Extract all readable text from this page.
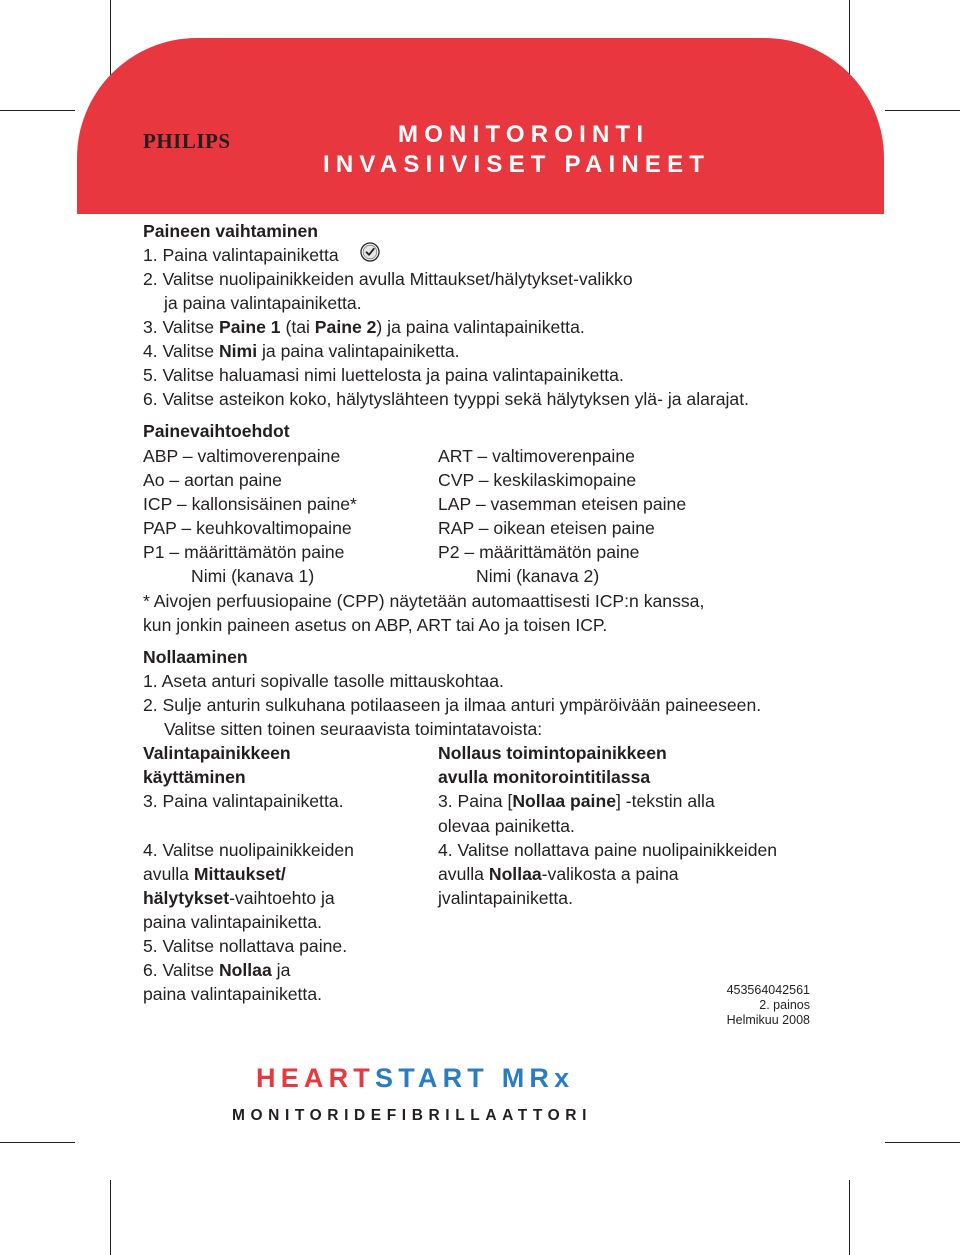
PHILIPS	MONITOROINTI
INVASIIVISET PAINEET
Paineen vaihtaminen
1. Paina valintapainiketta
2. Valitse nuolipainikkeiden avulla Mittaukset/hälytykset-valikko
ja paina valintapainiketta.
3. Valitse Paine 1 (tai Paine 2) ja paina valintapainiketta.
4. Valitse Nimi ja paina valintapainiketta.
5. Valitse haluamasi nimi luettelosta ja paina valintapainiketta.
6. Valitse asteikon koko, hälytyslähteen tyyppi sekä hälytyksen ylä- ja alarajat.
Painevaihtoehdot
ABP – valtimoverenpaine
Ao – aortan paine
ICP – kallonsisäinen paine*
PAP – keuhkovaltimopaine
P1 – määrittämätön paine
ART – valtimoverenpaine
CVP – keskilaskimopaine
LAP – vasemman eteisen paine
RAP – oikean eteisen paine
P2 – määrittämätön paine
Nimi (kanava 1)	Nimi (kanava 2)
* Aivojen perfuusiopaine (CPP) näytetään automaattisesti ICP:n kanssa,
kun jonkin paineen asetus on ABP, ART tai Ao ja toisen ICP.
Nollaaminen
1. Aseta anturi sopivalle tasolle mittauskohtaa.
2. Sulje anturin sulkuhana potilaaseen ja ilmaa anturi ympäröivään paineeseen.
Valitse sitten toinen seuraavista toimintatavoista:
Valintapainikkeen
käyttäminen
3. Paina valintapainiketta.
4. Valitse nuolipainikkeiden
avulla Mittaukset/
hälytykset-vaihtoehto ja
paina valintapainiketta.
5. Valitse nollattava paine.
6. Valitse Nollaa ja
paina valintapainiketta.
Nollaus toimintopainikkeen
avulla monitorointitilassa
3. Paina [Nollaa paine] -tekstin alla
olevaa painiketta.
4. Valitse nollattava paine nuolipainikkeiden
avulla Nollaa-valikosta a paina
jvalintapainiketta.
453564042561
2. painos
Helmikuu 2008
HEARTSTART MRx
MONITORIDEFIBRILLAATTORI
